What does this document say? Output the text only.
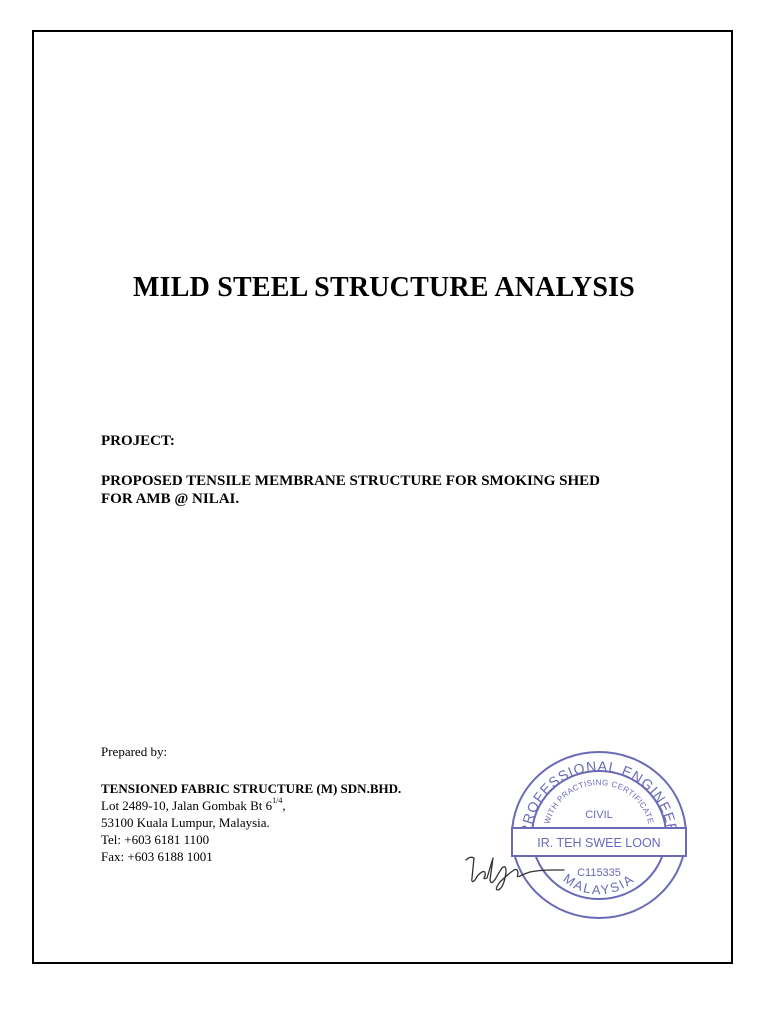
MILD STEEL STRUCTURE ANALYSIS

PROJECT:

PROPOSED TENSILE MEMBRANE STRUCTURE FOR SMOKING SHED
FOR AMB @ NILAI.

Prepared by:

TENSIONED FABRIC STRUCTURE (M) SDN.BHD.
Lot 2489-10, Jalan Gombak Bt $6^{1/4}$,
53100 Kuala Lumpur, Malaysia.
Tel: +603 6181 1100
Fax: +603 6188 1001
ROFESSIONAL ENGINEE
WITH PRACTISING CERTIFICATE
CIVIL
IR. TEH SWEE LOON
C115335
MALAYSIA
